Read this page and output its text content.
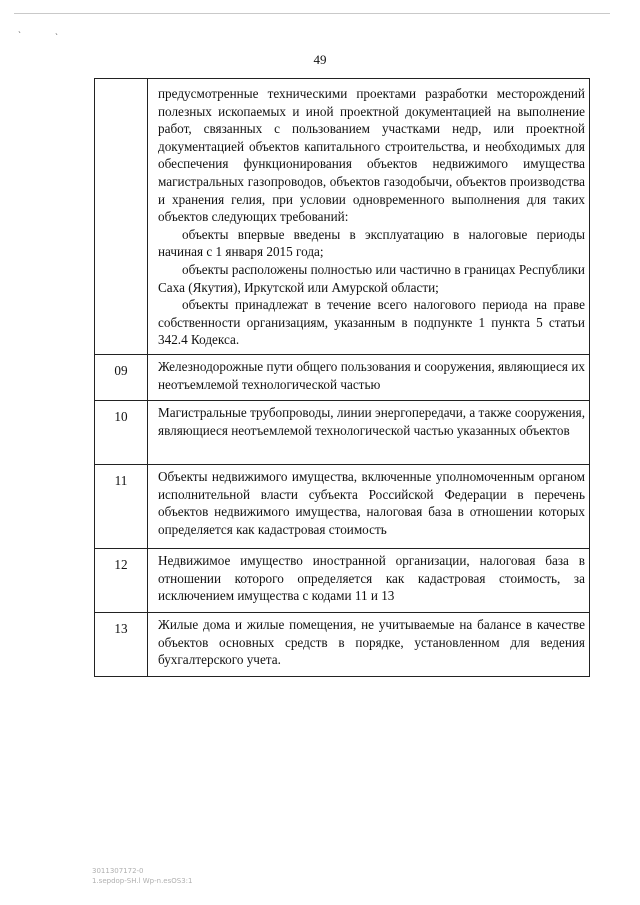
ˎ	ˎ
49

	предусмотренные техническими проектами разработки месторождений полезных ископаемых и иной проектной документацией на выполнение работ, связанных с пользованием участками недр, или проектной документацией объектов капитального строительства, и необходимых для обеспечения функционирования объектов недвижимого имущества магистральных газопроводов, объектов газодобычи, объектов производства и хранения гелия, при условии одновременного выполнения для таких объектов следующих требований:

объекты впервые введены в эксплуатацию в налоговые периоды начиная с 1 января 2015 года;

объекты расположены полностью или частично в границах Республики Саха (Якутия), Иркутской или Амурской области;

объекты принадлежат в течение всего налогового периода на праве собственности организациям, указанным в подпункте 1 пункта 5 статьи 342.4 Кодекса.

09	Железнодорожные пути общего пользования и сооружения, являющиеся их неотъемлемой технологической частью

10	Магистральные трубопроводы, линии энергопередачи, а также сооружения, являющиеся неотъемлемой технологической частью указанных объектов

11	Объекты недвижимого имущества, включенные уполномоченным органом исполнительной власти субъекта Российской Федерации в перечень объектов недвижимого имущества, налоговая база в отношении которых определяется как кадастровая стоимость

12	Недвижимое имущество иностранной организации, налоговая база в отношении которого определяется как кадастровая стоимость, за исключением имущества с кодами 11 и 13

13	Жилые дома и жилые помещения, не учитываемые на балансе в качестве объектов основных средств в порядке, установленном для ведения бухгалтерского учета.

3011307172-0
1.sepdop-SH.l Wp-n.esOS3:1
